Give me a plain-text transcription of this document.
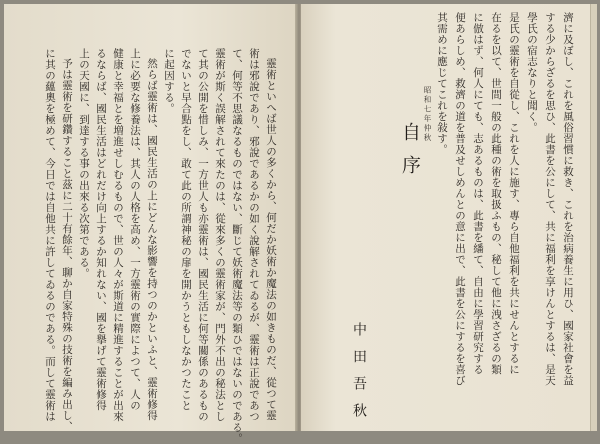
靈術といへば世人の多くから、何だか妖術か魔法の如きものだ、從つて靈
術は邪說であり、邪說であるかの如く說解されてゐるが、靈術は正說であつ
て、何等不思議なるものではない、斷じて妖術魔法等の類ひではないのである。
靈術が斯く誤解されて來たのは、從來多くの靈術家が、門外不出の秘法とし
て其の公開を惜しみ、一方世人も亦靈術は、國民生活に何等關係のあるもの
でないと早合點をし、敢て此の所謂神秘の扉を開かうともしなかつたこと
に起因する。
然らば靈術は、國民生活の上にどんな影響を持つのかといふと、靈術修得
上に必要な修養法は、其人の人格を高め、一方靈術の實際によつて、人の
健康と幸福とを増進せしむるもので、世の人々が斯道に精進することが出來
るならば、國民生活はどれだけ向上するか知れない、國を擧げて靈術修得
上の天國に、到達する事の出來る次第である。
予は靈術を研鑽すること茲に二十有餘年、聊か自家特殊の技術を編み出し、
に其の蘊奧を極めて、今日では自他共に許してゐるのである。而して靈術は	濟に及ぼし、これを風俗習慣に救き、これを治病養生に用ひ、國家社會を益
する少からざるを思ひ、此書を公にして、共に福利を享けんとするは、是天
學氏の宿志なりと聞く。
是氏の靈術を自從し、これを人に施す、專ら自他福利を共にせんとするに
在るを以て、世間一般の此種の術を取扱ふもの、秘して他に洩さざるの類
に倣はず、何人にても、志あるものは、此書を繙て、自由に學習研究する
便あらしめ、救濟の道を普及せしめんとの意に出で、此書を公にするを喜び
其需めに應じてこれを敍す。
昭和七年仲秋
自序
中田吾秋
